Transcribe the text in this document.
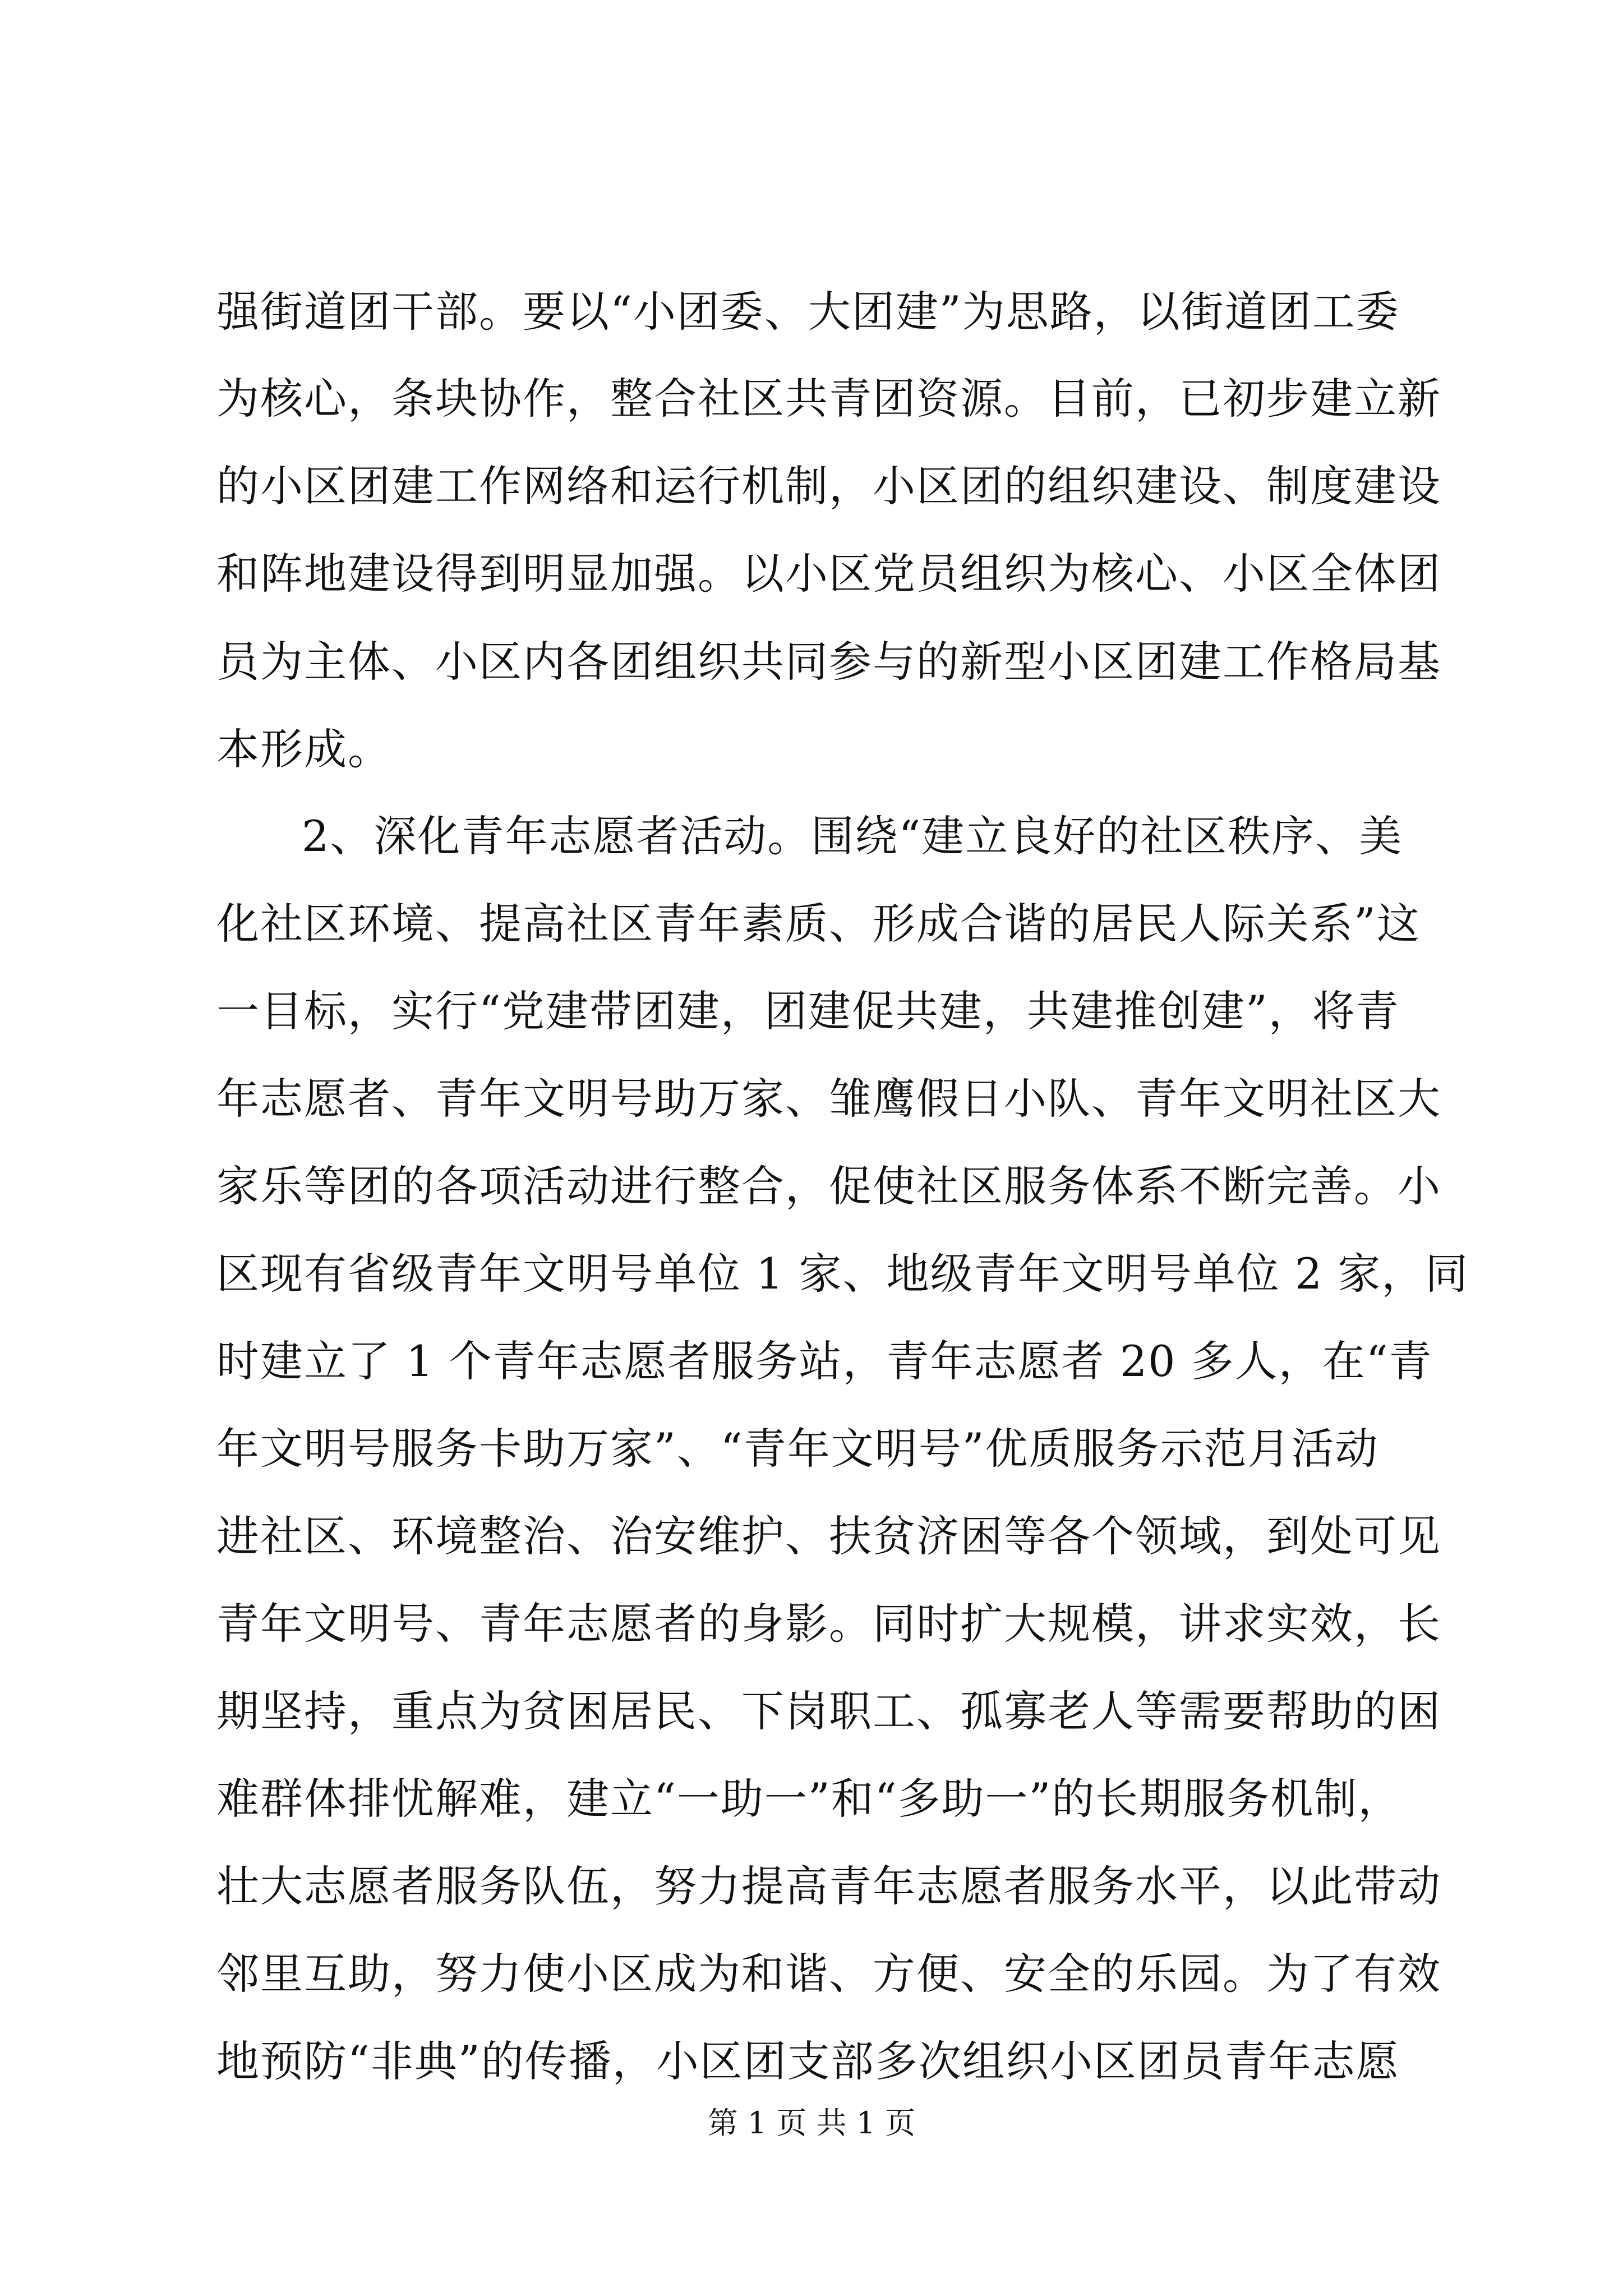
强街道团干部。要以“小团委、大团建”为思路，以街道团工委
为核心，条块协作，整合社区共青团资源。目前，已初步建立新
的小区团建工作网络和运行机制，小区团的组织建设、制度建设
和阵地建设得到明显加强。以小区党员组织为核心、小区全体团
员为主体、小区内各团组织共同参与的新型小区团建工作格局基
本形成。
2、深化青年志愿者活动。围绕“建立良好的社区秩序、美
化社区环境、提高社区青年素质、形成合谐的居民人际关系”这
一目标，实行“党建带团建，团建促共建，共建推创建”，将青
年志愿者、青年文明号助万家、雏鹰假日小队、青年文明社区大
家乐等团的各项活动进行整合，促使社区服务体系不断完善。小
区现有省级青年文明号单位 1 家、地级青年文明号单位 2 家，同
时建立了 1 个青年志愿者服务站，青年志愿者 20 多人，在“青
年文明号服务卡助万家”、“青年文明号”优质服务示范月活动
进社区、环境整治、治安维护、扶贫济困等各个领域，到处可见
青年文明号、青年志愿者的身影。同时扩大规模，讲求实效，长
期坚持，重点为贫困居民、下岗职工、孤寡老人等需要帮助的困
难群体排忧解难，建立“一助一”和“多助一”的长期服务机制，
壮大志愿者服务队伍，努力提高青年志愿者服务水平，以此带动
邻里互助，努力使小区成为和谐、方便、安全的乐园。为了有效
地预防“非典”的传播，小区团支部多次组织小区团员青年志愿
第 1 页 共 1 页
